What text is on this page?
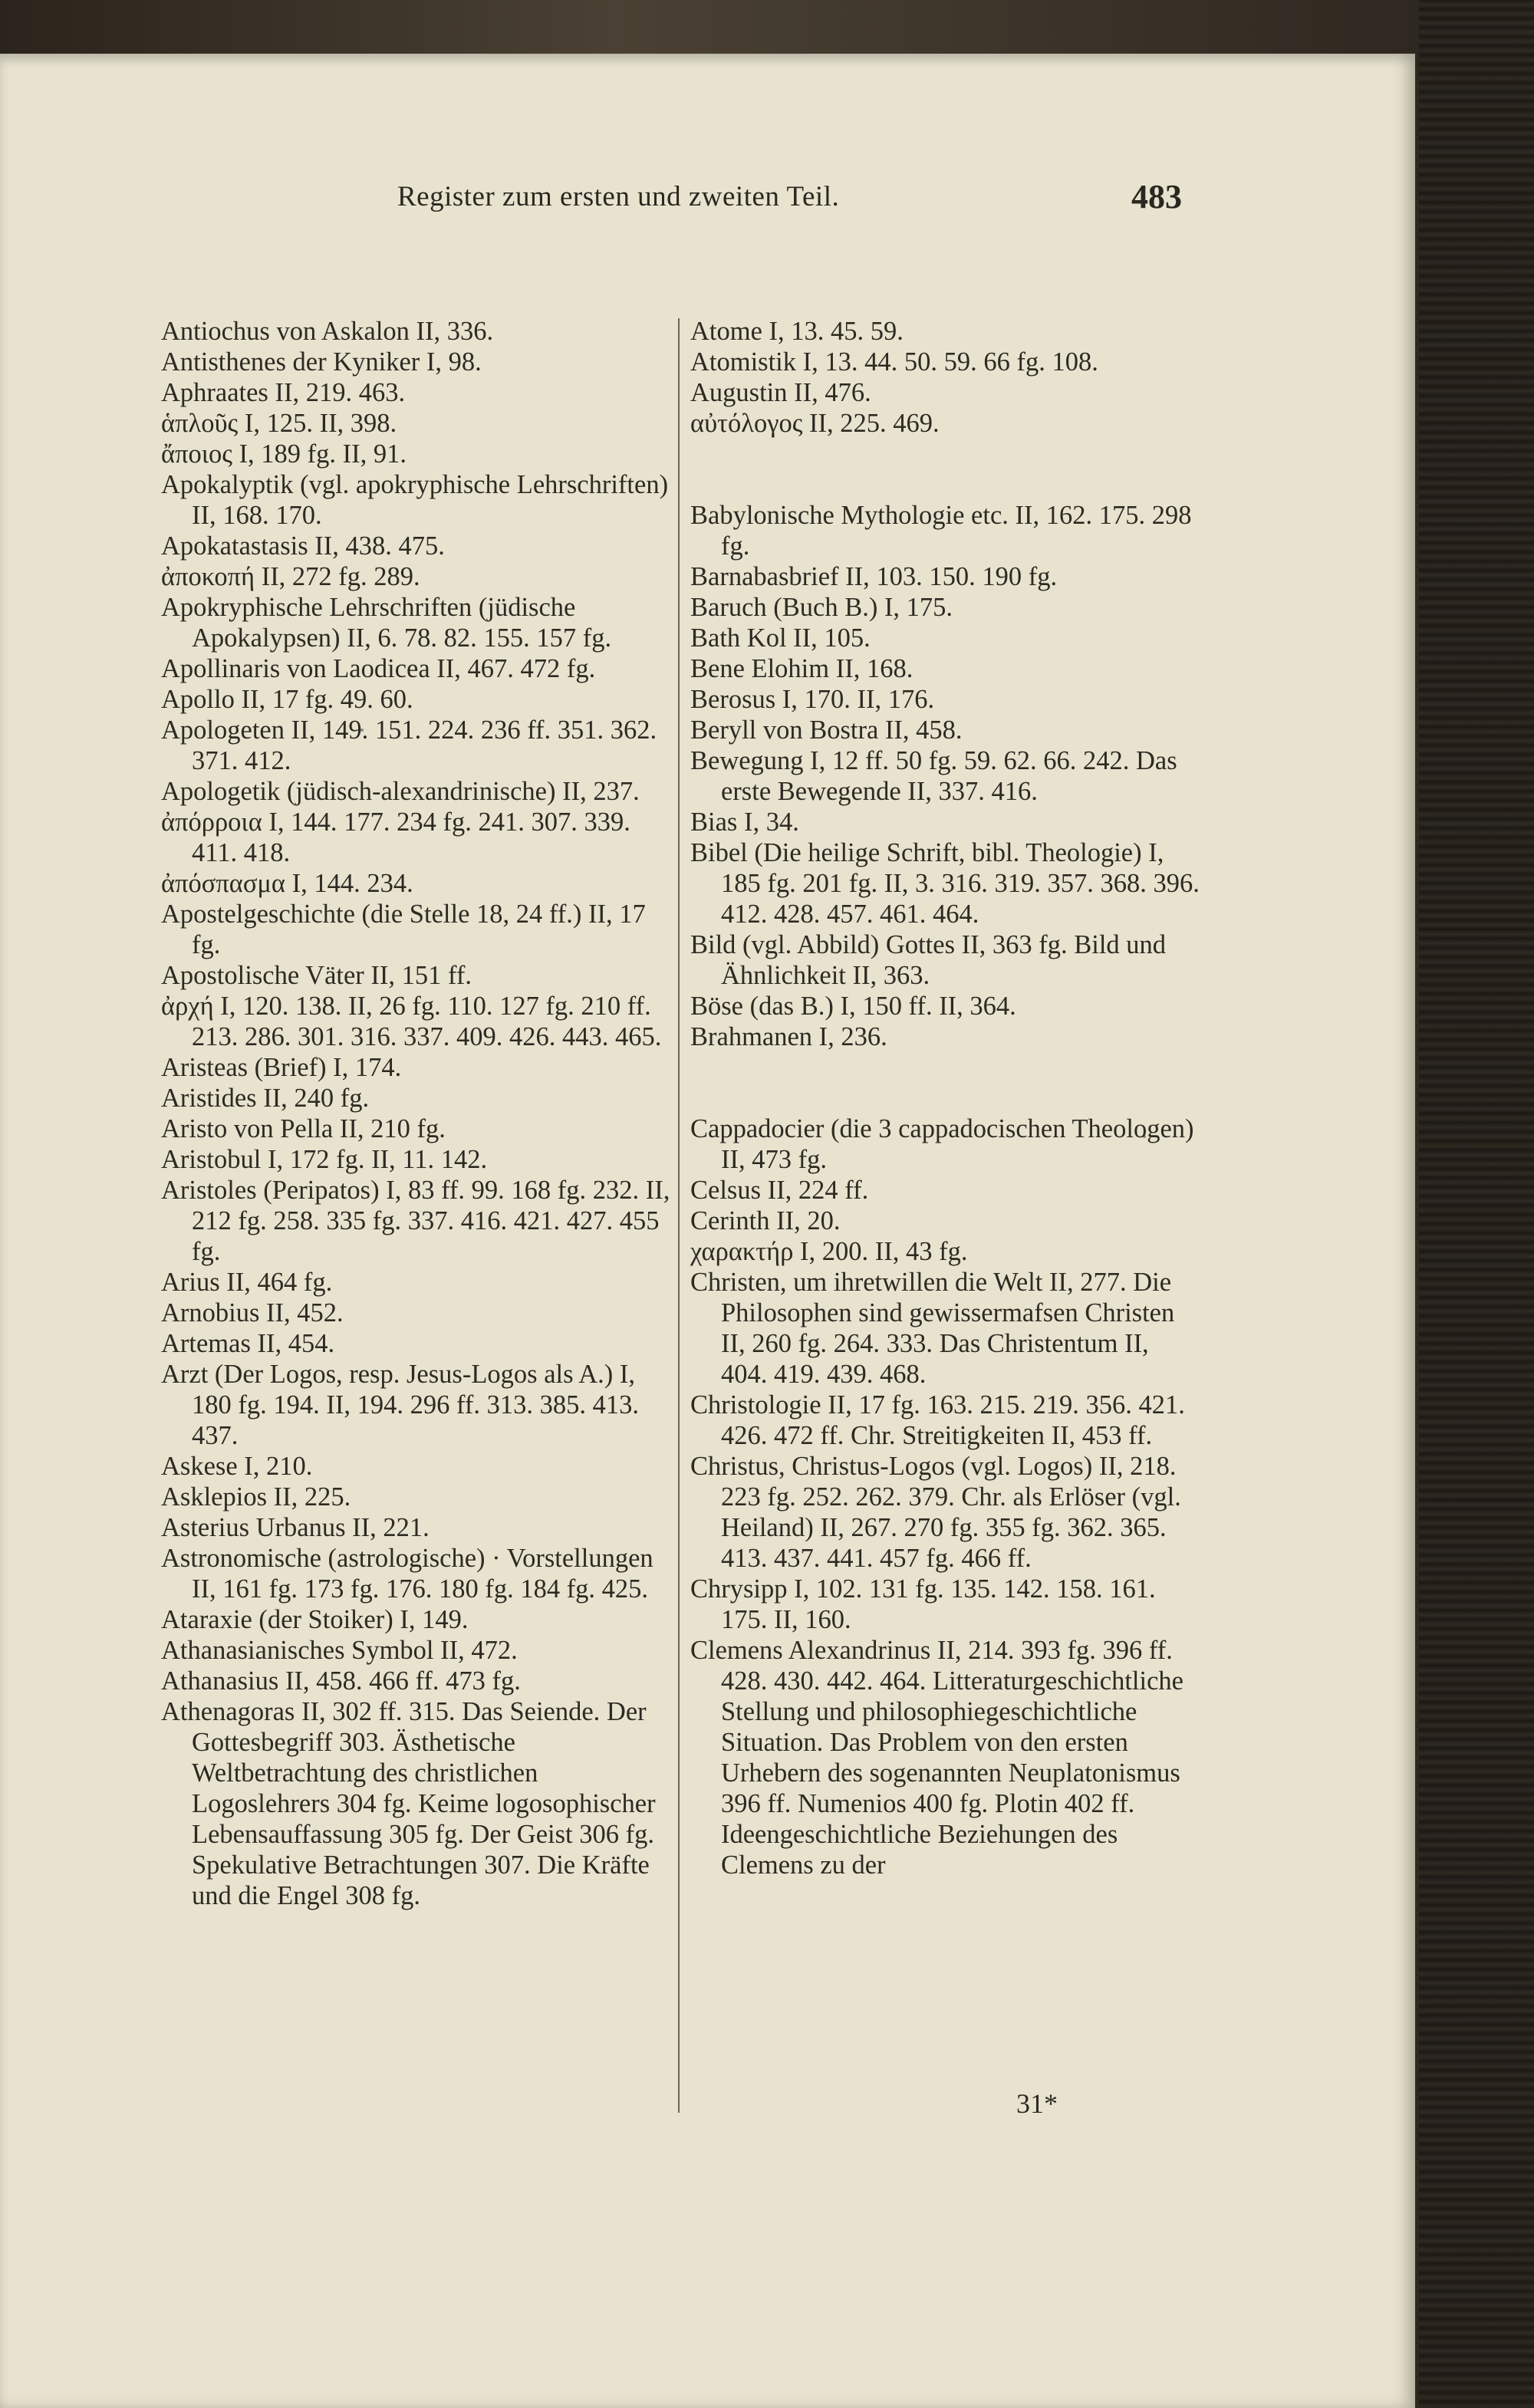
Register zum ersten und zweiten Teil.	483

Antiochus von Askalon II, 336.

Antisthenes der Kyniker I, 98.

Aphraates II, 219. 463.

ἁπλοῦς I, 125. II, 398.

ἄποιος I, 189 fg. II, 91.

Apokalyptik (vgl. apokryphische Lehrschriften) II, 168. 170.

Apokatastasis II, 438. 475.

ἀποκοπή II, 272 fg. 289.

Apokryphische Lehrschriften (jüdische Apokalypsen) II, 6. 78. 82. 155. 157 fg.

Apollinaris von Laodicea II, 467. 472 fg.

Apollo II, 17 fg. 49. 60.

Apologeten II, 149. 151. 224. 236 ff. 351. 362. 371. 412.

Apologetik (jüdisch-alexandrinische) II, 237.

ἀπόρροια I, 144. 177. 234 fg. 241. 307. 339. 411. 418.

ἀπόσπασμα I, 144. 234.

Apostelgeschichte (die Stelle 18, 24 ff.) II, 17 fg.

Apostolische Väter II, 151 ff.

ἀρχή I, 120. 138. II, 26 fg. 110. 127 fg. 210 ff. 213. 286. 301. 316. 337. 409. 426. 443. 465.

Aristeas (Brief) I, 174.

Aristides II, 240 fg.

Aristo von Pella II, 210 fg.

Aristobul I, 172 fg. II, 11. 142.

Aristoles (Peripatos) I, 83 ff. 99. 168 fg. 232. II, 212 fg. 258. 335 fg. 337. 416. 421. 427. 455 fg.

Arius II, 464 fg.

Arnobius II, 452.

Artemas II, 454.

Arzt (Der Logos, resp. Jesus-Logos als A.) I, 180 fg. 194. II, 194. 296 ff. 313. 385. 413. 437.

Askese I, 210.

Asklepios II, 225.

Asterius Urbanus II, 221.

Astronomische (astrologische) · Vorstellungen II, 161 fg. 173 fg. 176. 180 fg. 184 fg. 425.

Ataraxie (der Stoiker) I, 149.

Athanasianisches Symbol II, 472.

Athanasius II, 458. 466 ff. 473 fg.

Athenagoras II, 302 ff. 315. Das Seiende. Der Gottesbegriff 303. Ästhetische Weltbetrachtung des christlichen Logoslehrers 304 fg. Keime logosophischer Lebensauffassung 305 fg. Der Geist 306 fg. Spekulative Betrachtungen 307. Die Kräfte und die Engel 308 fg.

Atome I, 13. 45. 59.

Atomistik I, 13. 44. 50. 59. 66 fg. 108.

Augustin II, 476.

αὐτόλογος II, 225. 469.

Babylonische Mythologie etc. II, 162. 175. 298 fg.

Barnabasbrief II, 103. 150. 190 fg.

Baruch (Buch B.) I, 175.

Bath Kol II, 105.

Bene Elohim II, 168.

Berosus I, 170. II, 176.

Beryll von Bostra II, 458.

Bewegung I, 12 ff. 50 fg. 59. 62. 66. 242. Das erste Bewegende II, 337. 416.

Bias I, 34.

Bibel (Die heilige Schrift, bibl. Theologie) I, 185 fg. 201 fg. II, 3. 316. 319. 357. 368. 396. 412. 428. 457. 461. 464.

Bild (vgl. Abbild) Gottes II, 363 fg. Bild und Ähnlichkeit II, 363.

Böse (das B.) I, 150 ff. II, 364.

Brahmanen I, 236.

Cappadocier (die 3 cappadocischen Theologen) II, 473 fg.

Celsus II, 224 ff.

Cerinth II, 20.

χαρακτήρ I, 200. II, 43 fg.

Christen, um ihretwillen die Welt II, 277. Die Philosophen sind gewissermafsen Christen II, 260 fg. 264. 333. Das Christentum II, 404. 419. 439. 468.

Christologie II, 17 fg. 163. 215. 219. 356. 421. 426. 472 ff. Chr. Streitigkeiten II, 453 ff.

Christus, Christus-Logos (vgl. Logos) II, 218. 223 fg. 252. 262. 379. Chr. als Erlöser (vgl. Heiland) II, 267. 270 fg. 355 fg. 362. 365. 413. 437. 441. 457 fg. 466 ff.

Chrysipp I, 102. 131 fg. 135. 142. 158. 161. 175. II, 160.

Clemens Alexandrinus II, 214. 393 fg. 396 ff. 428. 430. 442. 464. Litteraturgeschichtliche Stellung und philosophiegeschichtliche Situation. Das Problem von den ersten Urhebern des sogenannten Neuplatonismus 396 ff. Numenios 400 fg. Plotin 402 ff. Ideengeschichtliche Beziehungen des Clemens zu der

31*
